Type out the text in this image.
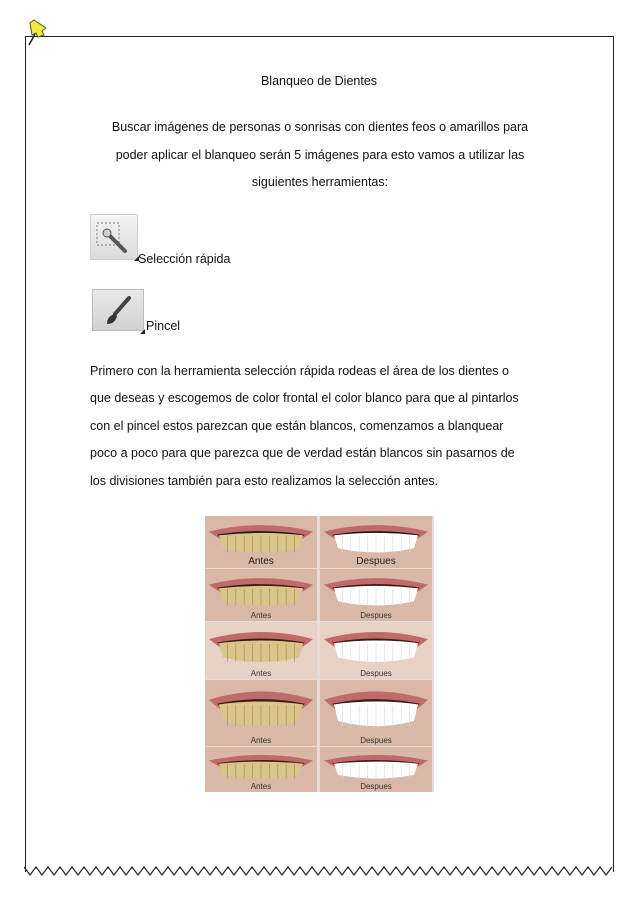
Blanqueo de Dientes
Buscar imágenes de personas o sonrisas con dientes feos o amarillos para
poder aplicar el blanqueo serán 5 imágenes para esto vamos a utilizar las
siguientes herramientas:
Selección rápida
Pincel
Primero con la herramienta selección rápida rodeas el área de los dientes o
que deseas y escogemos de color frontal el color blanco para que al pintarlos
con el pincel estos parezcan que están blancos, comenzamos a blanquear
poco a poco para que parezca que de verdad están blancos sin pasarnos de
los divisiones también para esto realizamos la selección antes.
Antes	Despues
Antes	Despues
Antes	Despues
Antes	Despues
Antes	Despues
